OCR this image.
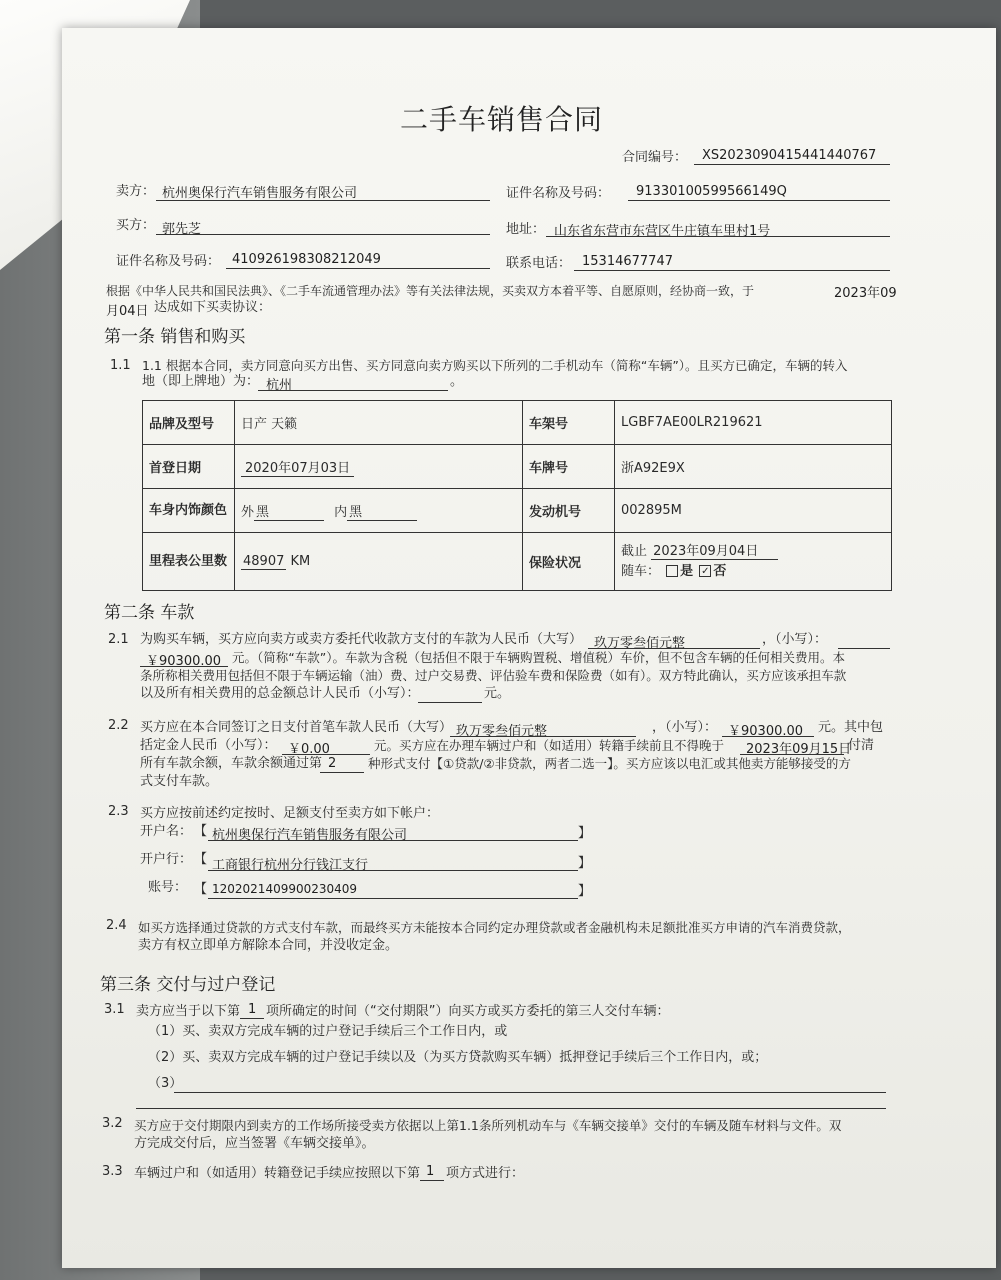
二手车销售合同
合同编号： XS2023090415441440767
卖方： 杭州奥保行汽车销售服务有限公司	证件名称及号码： 91330100599566149Q
买方： 郭先芝	地址： 山东省东营市东营区牛庄镇车里村1号
证件名称及号码： 410926198308212049	联系电话： 15314677747
根据《中华人民共和国民法典》、《二手车流通管理办法》等有关法律法规，买卖双方本着平等、自愿原则，经协商一致，于	2023年09
月04日 达成如下买卖协议：
第一条 销售和购买
1.1 1.1 根据本合同，卖方同意向买方出售、买方同意向卖方购买以下所列的二手机动车（简称“车辆”）。且买方已确定，车辆的转入
地（即上牌地）为： 杭州	。
品牌及型号	日产 天籁	车架号	LGBF7AE00LR219621
首登日期	2020年07月03日	车牌号	浙A92E9X
车身内饰颜色	外 黑 内 黑	发动机号	002895M
里程表公里数	48907 KM	保险状况	截止 2023年09月04日
随车： 是 ✓ 否
第二条 车款
2.1 为购买车辆，买方应向卖方或卖方委托代收款方支付的车款为人民币（大写） 玖万零叁佰元整	，（小写）：
￥90300.00 元。（简称“车款”）。车款为含税（包括但不限于车辆购置税、增值税）车价，但不包含车辆的任何相关费用。本
条所称相关费用包括但不限于车辆运输（油）费、过户交易费、评估验车费和保险费（如有）。双方特此确认，买方应该承担车款
以及所有相关费用的总金额总计人民币（小写）：	元。
2.2 买方应在本合同签订之日支付首笔车款人民币（大写） 玖万零叁佰元整	，（小写）： ￥90300.00 元。其中包
括定金人民币（小写）： ￥0.00	元。买方应在办理车辆过户和（如适用）转籍手续前且不得晚于 2023年09月15日
付清
所有车款余额，车款余额通过第 2	种形式支付【①贷款/②非贷款，两者二选一】。买方应该以电汇或其他卖方能够接受的方
式支付车款。
2.3 买方应按前述约定按时、足额支付至卖方如下帐户：
开户名： 【 杭州奥保行汽车销售服务有限公司	】
开户行： 【 工商银行杭州分行钱江支行	】
账号： 【 1202021409900230409	】
2.4 如买方选择通过贷款的方式支付车款，而最终买方未能按本合同约定办理贷款或者金融机构未足额批准买方申请的汽车消费贷款，
卖方有权立即单方解除本合同，并没收定金。
第三条 交付与过户登记
3.1 卖方应当于以下第 1 项所确定的时间（“交付期限”）向买方或买方委托的第三人交付车辆：
（1）买、卖双方完成车辆的过户登记手续后三个工作日内，或
（2）买、卖双方完成车辆的过户登记手续以及（为买方贷款购买车辆）抵押登记手续后三个工作日内，或；
（3）
3.2 买方应于交付期限内到卖方的工作场所接受卖方依据以上第1.1条所列机动车与《车辆交接单》交付的车辆及随车材料与文件。双
方完成交付后，应当签署《车辆交接单》。
3.3 车辆过户和（如适用）转籍登记手续应按照以下第 1 项方式进行：
